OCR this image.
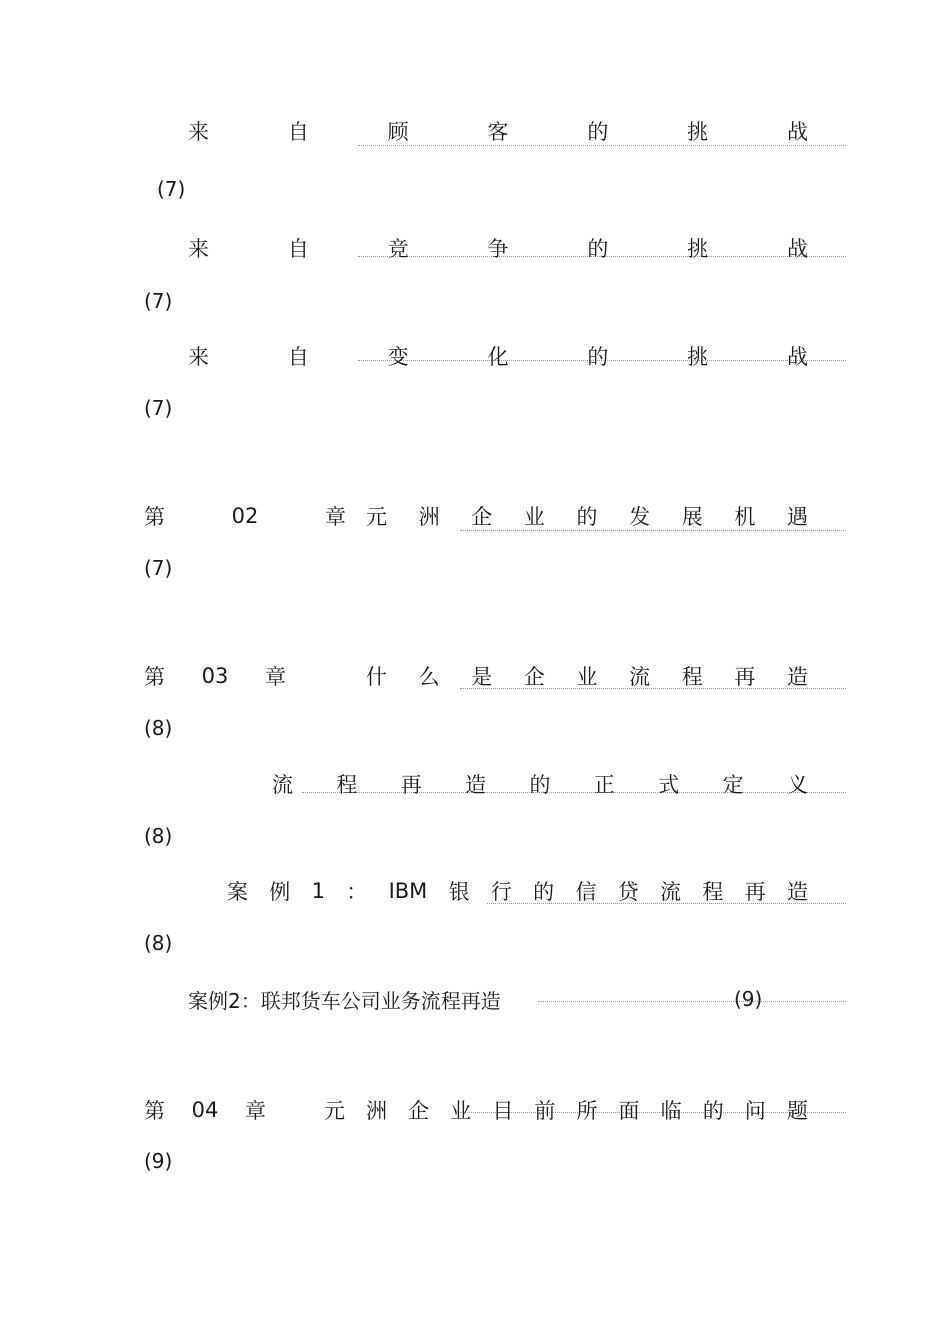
来	自	顾	客	的	挑	战
(7)
来	自	竞	争	的	挑	战
(7)
来	自	变	化	的	挑	战
(7)
第	02	章 元 洲 企 业 的 发 展 机 遇
(7)
第 03 章	什 么 是 企 业 流 程 再 造
(8)
流 程 再 造 的 正 式 定 义
(8)
案 例 1 ： IBM 银 行 的 信 贷 流 程 再 造
(8)
案例2：联邦货车公司业务流程再造	(9)
第 04 章	元 洲 企 业 目 前 所 面 临 的 问 题
(9)
